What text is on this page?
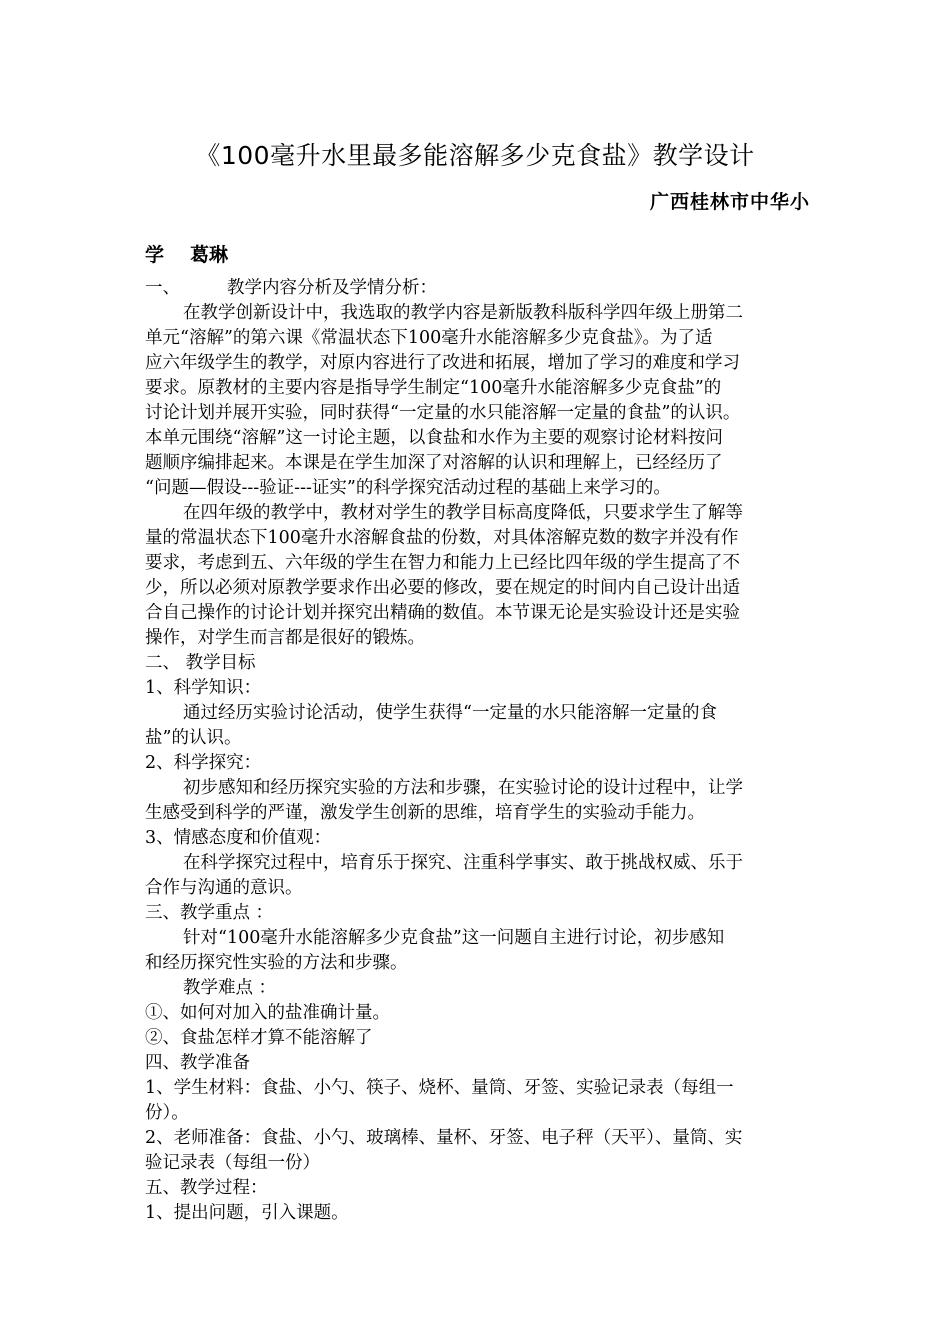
《100毫升水里最多能溶解多少克食盐》教学设计
广西桂林市中华小
学 葛琳
一、	教学内容分析及学情分析：
在教学创新设计中，我选取的教学内容是新版教科版科学四年级上册第二
单元“溶解”的第六课《常温状态下100毫升水能溶解多少克食盐》。为了适
应六年级学生的教学，对原内容进行了改进和拓展，增加了学习的难度和学习
要求。原教材的主要内容是指导学生制定“100毫升水能溶解多少克食盐”的
讨论计划并展开实验，同时获得“一定量的水只能溶解一定量的食盐”的认识。
本单元围绕“溶解”这一讨论主题，以食盐和水作为主要的观察讨论材料按问
题顺序编排起来。本课是在学生加深了对溶解的认识和理解上，已经经历了
“问题—假设---验证---证实”的科学探究活动过程的基础上来学习的。
在四年级的教学中，教材对学生的教学目标高度降低，只要求学生了解等
量的常温状态下100毫升水溶解食盐的份数，对具体溶解克数的数字并没有作
要求，考虑到五、六年级的学生在智力和能力上已经比四年级的学生提高了不
少，所以必须对原教学要求作出必要的修改，要在规定的时间内自己设计出适
合自己操作的讨论计划并探究出精确的数值。本节课无论是实验设计还是实验
操作，对学生而言都是很好的锻炼。
二、 教学目标
1、科学知识：
通过经历实验讨论活动，使学生获得“一定量的水只能溶解一定量的食
盐”的认识。
2、科学探究：
初步感知和经历探究实验的方法和步骤，在实验讨论的设计过程中，让学
生感受到科学的严谨，激发学生创新的思维，培育学生的实验动手能力。
3、情感态度和价值观：
在科学探究过程中，培育乐于探究、注重科学事实、敢于挑战权威、乐于
合作与沟通的意识。
三、教学重点 ：
针对“100毫升水能溶解多少克食盐”这一问题自主进行讨论，初步感知
和经历探究性实验的方法和步骤。
教学难点 ：
①、如何对加入的盐准确计量。
②、食盐怎样才算不能溶解了
四、教学准备
1、学生材料：食盐、小勺、筷子、烧杯、量筒、牙签、实验记录表（每组一
份）。
2、老师准备：食盐、小勺、玻璃棒、量杯、牙签、电子秤（天平）、量筒、实
验记录表（每组一份）
五、教学过程：
1、提出问题，引入课题。
